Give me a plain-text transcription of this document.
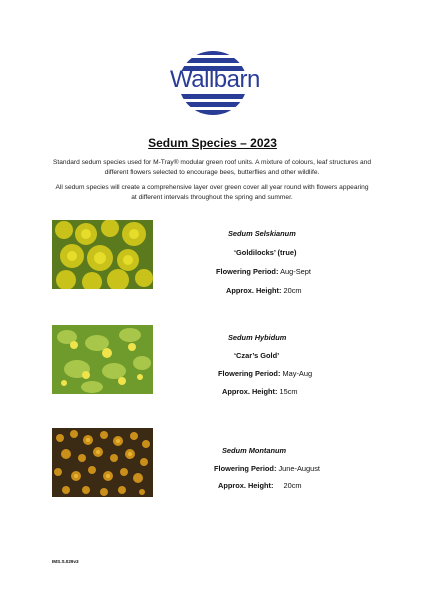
Wallbarn
Sedum Species – 2023
Standard sedum species used for M-Tray® modular green roof units. A mixture of colours, leaf structures and different flowers selected to encourage bees, butterflies and other wildlife.
All sedum species will create a comprehensive layer over green cover all year round with flowers appearing at different intervals throughout the spring and summer.
Sedum Selskianum
‘Goldilocks’ (true)
Flowering Period: Aug-Sept
Approx. Height: 20cm
Sedum Hybidum
‘Czar’s Gold’
Flowering Period: May-Aug
Approx. Height: 15cm
Sedum Montanum
Flowering Period: June-August
Approx. Height: 20cm
IMS.S.029v3
